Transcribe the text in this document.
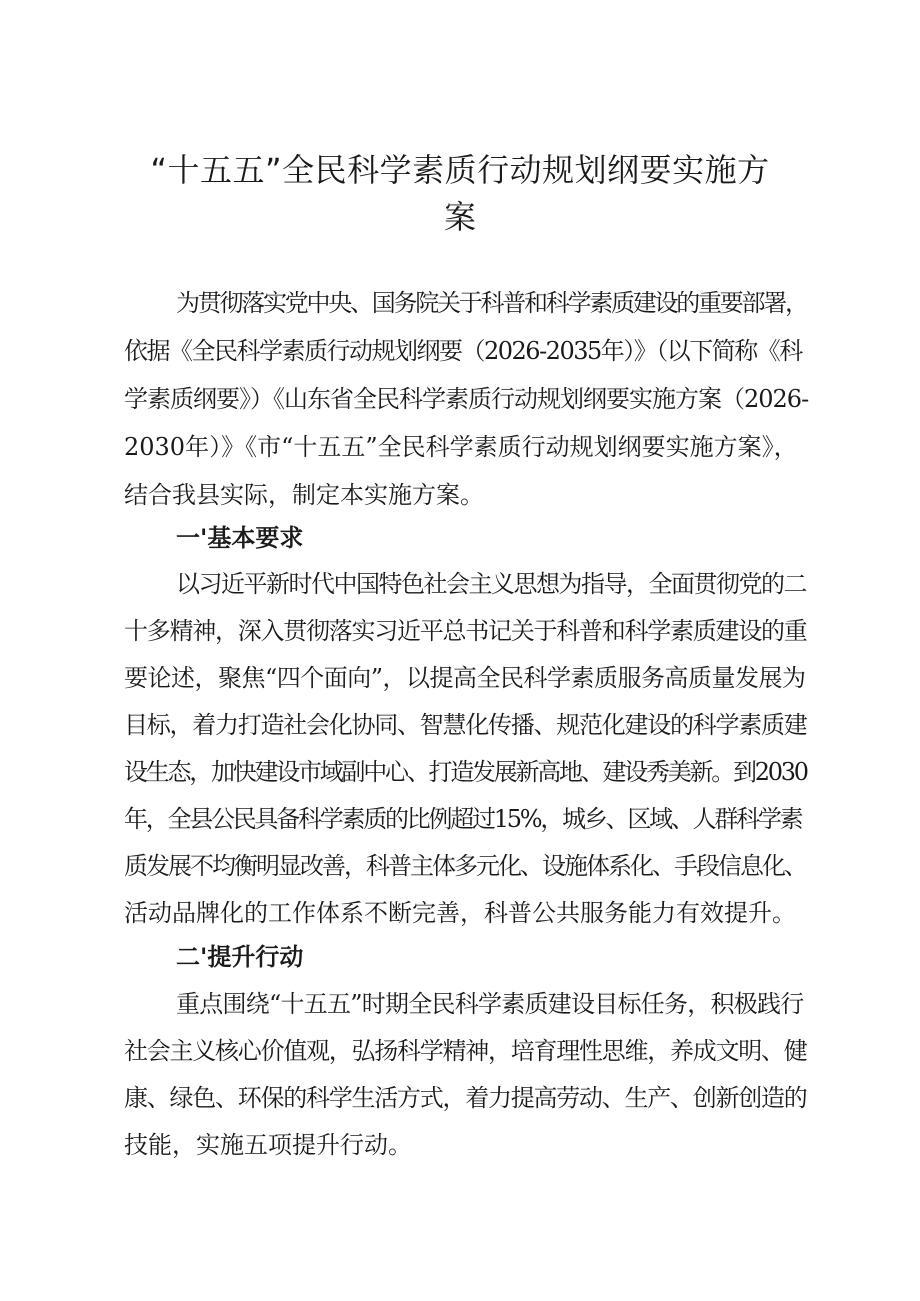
“十五五”全民科学素质行动规划纲要实施方
案

为贯彻落实党中央、国务院关于科普和科学素质建设的重要部署，

依据《全民科学素质行动规划纲要（2026-2035年）》（以下简称《科

学素质纲要》）《山东省全民科学素质行动规划纲要实施方案（2026-

2030年）》《市“十五五”全民科学素质行动规划纲要实施方案》，

结合我县实际，制定本实施方案。

一'基本要求

以习近平新时代中国特色社会主义思想为指导，全面贯彻党的二

十多精神，深入贯彻落实习近平总书记关于科普和科学素质建设的重

要论述，聚焦“四个面向”，以提高全民科学素质服务高质量发展为

目标，着力打造社会化协同、智慧化传播、规范化建设的科学素质建

设生态，加快建设市域副中心、打造发展新高地、建设秀美新。到2030

年，全县公民具备科学素质的比例超过15%，城乡、区域、人群科学素

质发展不均衡明显改善，科普主体多元化、设施体系化、手段信息化、

活动品牌化的工作体系不断完善，科普公共服务能力有效提升。

二'提升行动

重点围绕“十五五”时期全民科学素质建设目标任务，积极践行

社会主义核心价值观，弘扬科学精神，培育理性思维，养成文明、健

康、绿色、环保的科学生活方式，着力提高劳动、生产、创新创造的

技能，实施五项提升行动。
